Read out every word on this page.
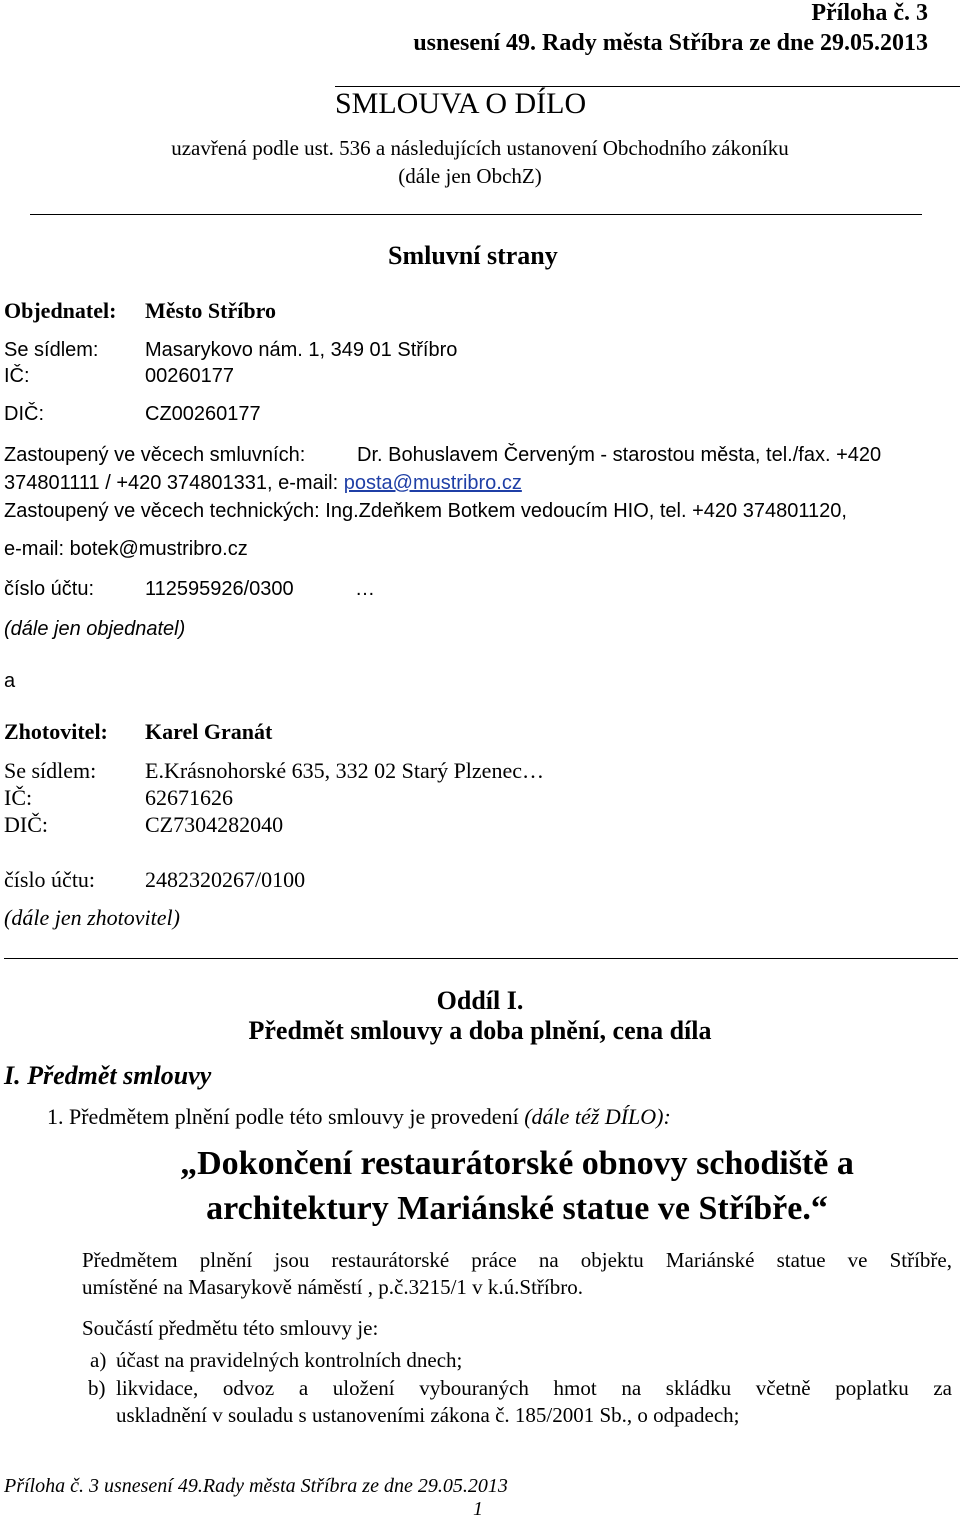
Příloha č. 3
usnesení 49. Rady města Stříbra ze dne 29.05.2013
SMLOUVA O DÍLO
uzavřená podle ust. 536 a následujících ustanovení Obchodního zákoníku
(dále jen ObchZ)
Smluvní strany
Objednatel: Město Stříbro
Se sídlem: Masarykovo nám. 1, 349 01 Stříbro
IČ:	00260177
DIČ:	CZ00260177
Zastoupený ve věcech smluvních:	Dr. Bohuslavem Červeným - starostou města, tel./fax. +420
374801111 / +420 374801331, e-mail: posta@mustribro.cz
Zastoupený ve věcech technických: Ing.Zdeňkem Botkem vedoucím HIO, tel. +420 374801120,
e-mail: botek@mustribro.cz
číslo účtu:	112595926/0300	…
(dále jen objednatel)
a
Zhotovitel: Karel Granát
Se sídlem: E.Krásnohorské 635, 332 02 Starý Plzenec…
IČ:	62671626
DIČ:	CZ7304282040
číslo účtu: 2482320267/0100
(dále jen zhotovitel)
Oddíl I.
Předmět smlouvy a doba plnění, cena díla
I. Předmět smlouvy
1. Předmětem plnění podle této smlouvy je provedení (dále též DÍLO):
„Dokončení restaurátorské obnovy schodiště a
architektury Mariánské statue ve Stříbře.“
Předmětem plnění jsou restaurátorské práce na objektu Mariánské statue ve Stříbře,
umístěné na Masarykově náměstí , p.č.3215/1 v k.ú.Stříbro.
Součástí předmětu této smlouvy je:
a) účast na pravidelných kontrolních dnech;
b) likvidace, odvoz a uložení vybouraných hmot na skládku včetně poplatku za
uskladnění v souladu s ustanoveními zákona č. 185/2001 Sb., o odpadech;
Příloha č. 3 usnesení 49.Rady města Stříbra ze dne 29.05.2013
1
